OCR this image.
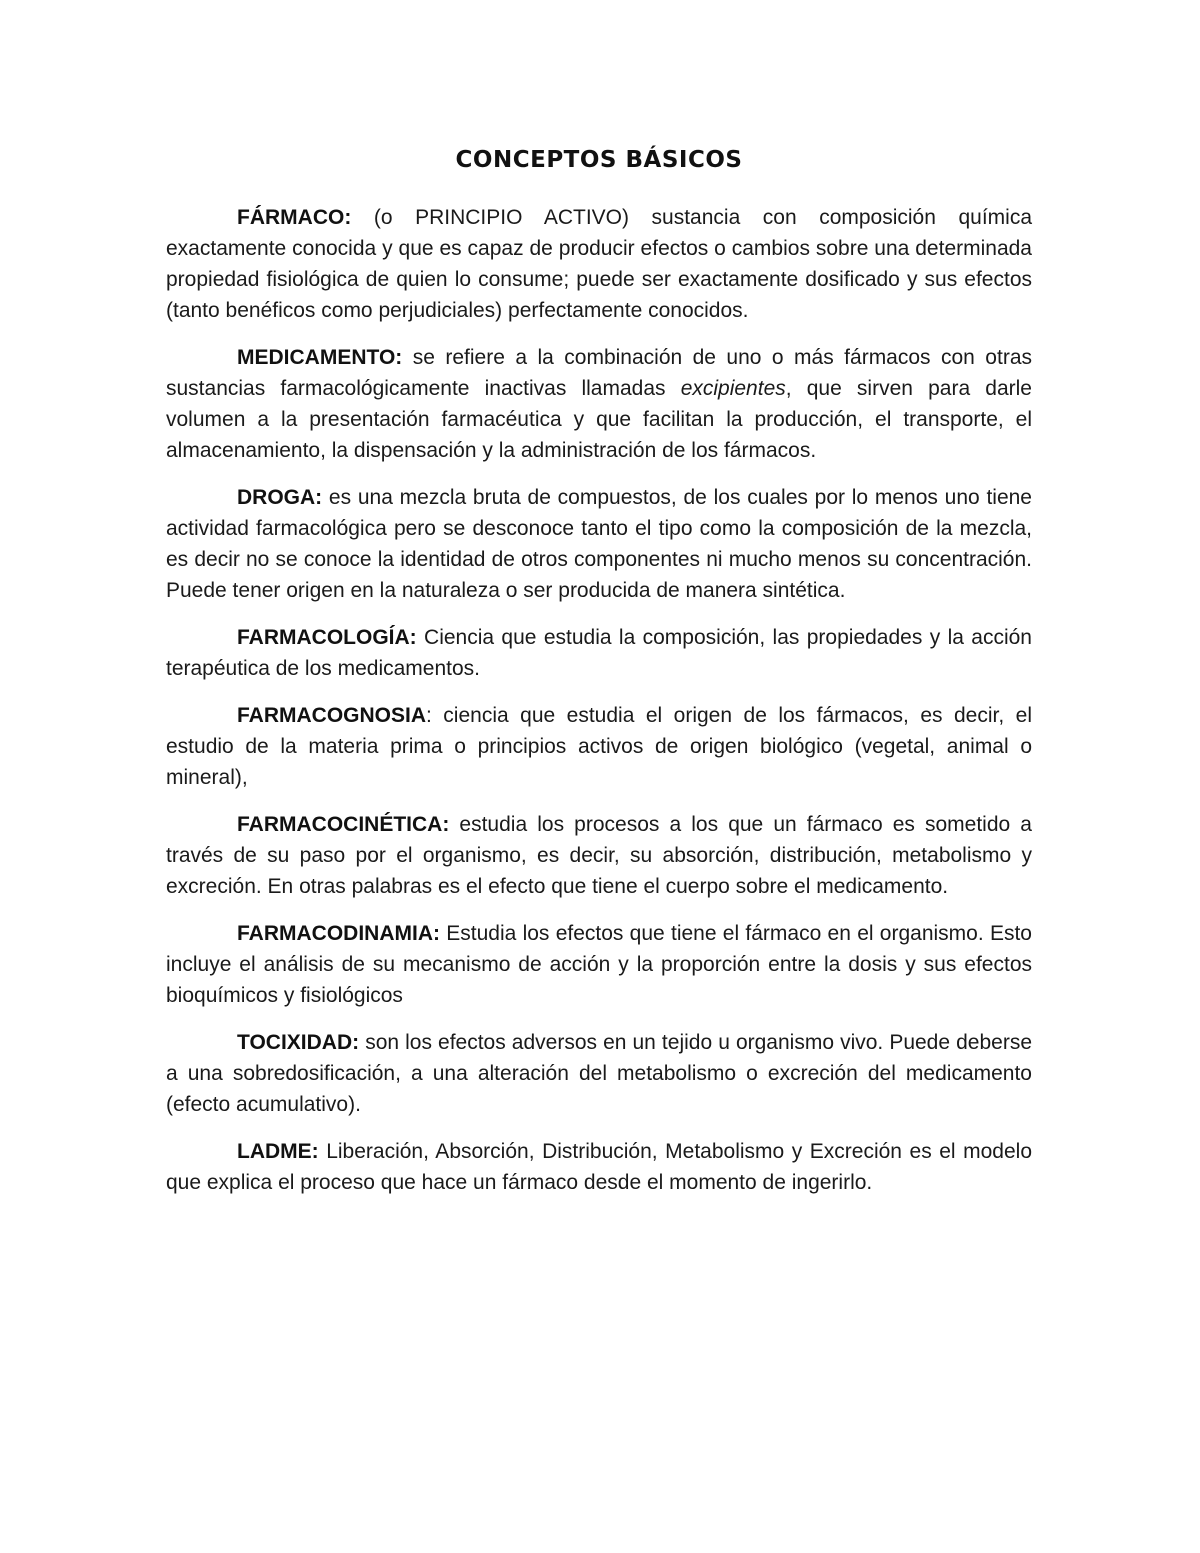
CONCEPTOS BÁSICOS

FÁRMACO: (o PRINCIPIO ACTIVO) sustancia con composición química exactamente conocida y que es capaz de producir efectos o cambios sobre una determinada propiedad fisiológica de quien lo consume; puede ser exactamente dosificado y sus efectos (tanto benéficos como perjudiciales) perfectamente conocidos.

MEDICAMENTO: se refiere a la combinación de uno o más fármacos con otras sustancias farmacológicamente inactivas llamadas excipientes, que sirven para darle volumen a la presentación farmacéutica y que facilitan la producción, el transporte, el almacenamiento, la dispensación y la administración de los fármacos.

DROGA: es una mezcla bruta de compuestos, de los cuales por lo menos uno tiene actividad farmacológica pero se desconoce tanto el tipo como la composición de la mezcla, es decir no se conoce la identidad de otros componentes ni mucho menos su concentración. Puede tener origen en la naturaleza o ser producida de manera sintética.

FARMACOLOGÍA: Ciencia que estudia la composición, las propiedades y la acción terapéutica de los medicamentos.

FARMACOGNOSIA: ciencia que estudia el origen de los fármacos, es decir, el estudio de la materia prima o principios activos de origen biológico (vegetal, animal o mineral),

FARMACOCINÉTICA: estudia los procesos a los que un fármaco es sometido a través de su paso por el organismo, es decir, su absorción, distribución, metabolismo y excreción. En otras palabras es el efecto que tiene el cuerpo sobre el medicamento.

FARMACODINAMIA: Estudia los efectos que tiene el fármaco en el organismo. Esto incluye el análisis de su mecanismo de acción y la proporción entre la dosis y sus efectos bioquímicos y fisiológicos

TOCIXIDAD: son los efectos adversos en un tejido u organismo vivo. Puede deberse a una sobredosificación, a una alteración del metabolismo o excreción del medicamento (efecto acumulativo).

LADME: Liberación, Absorción, Distribución, Metabolismo y Excreción es el modelo que explica el proceso que hace un fármaco desde el momento de ingerirlo.
